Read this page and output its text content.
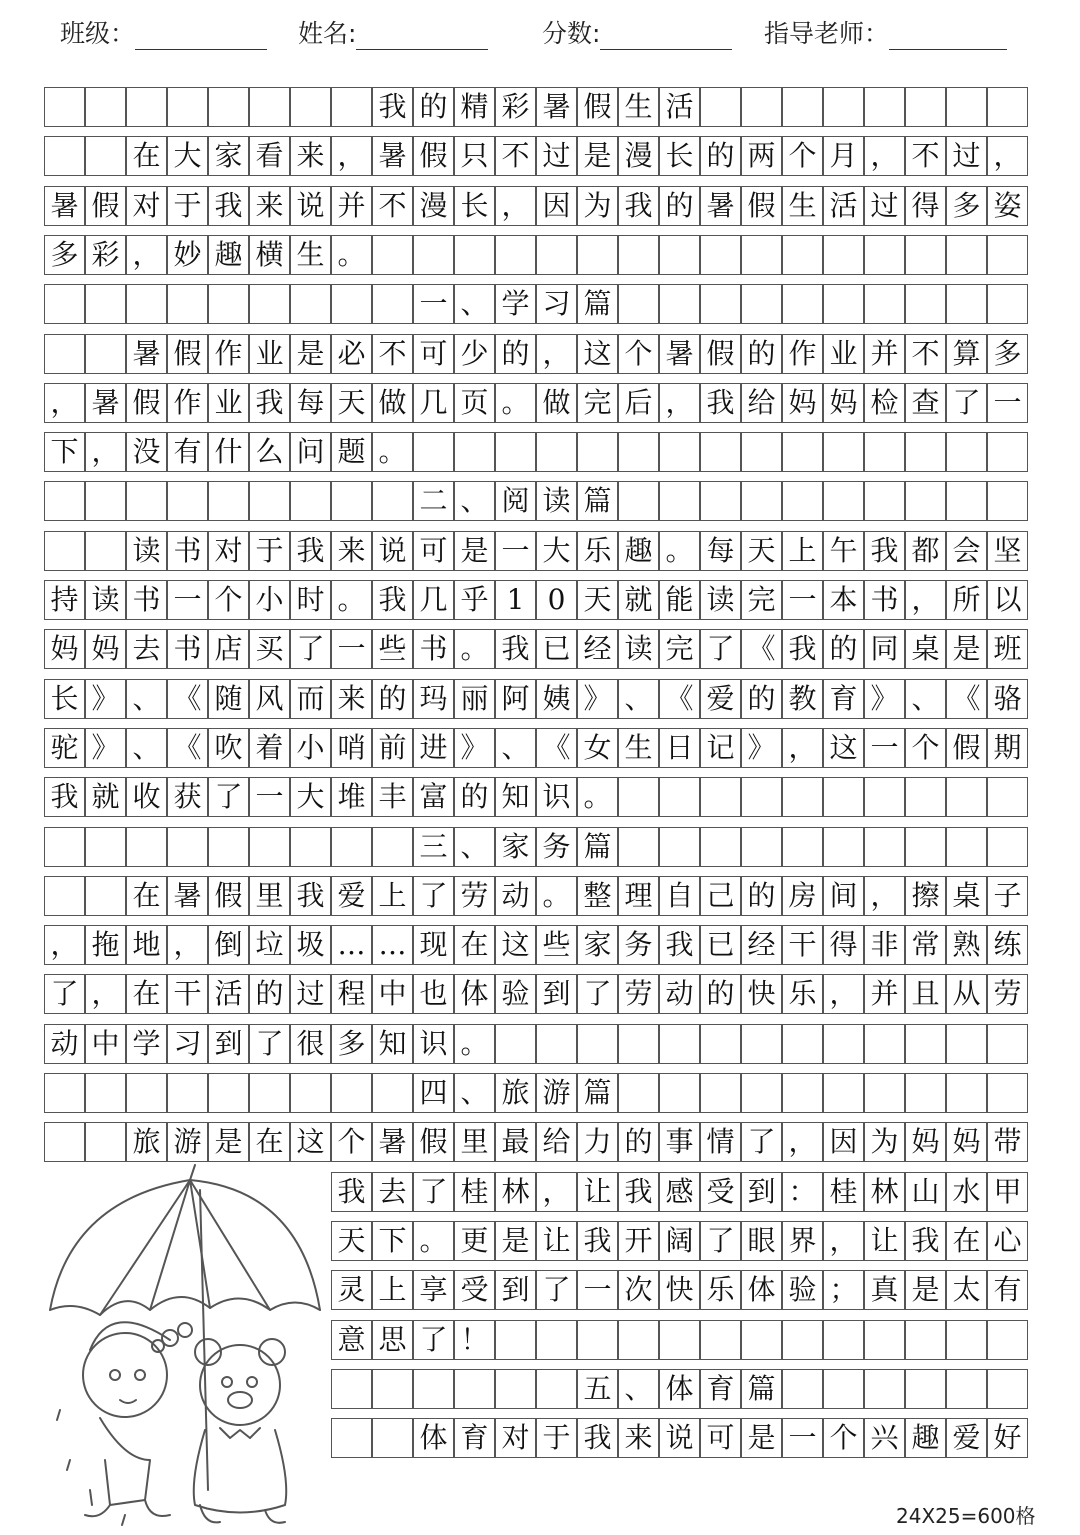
班级：	姓名:	分数:	指导老师：
我 的 精 彩 暑 假 生 活
在 大 家 看 来 ， 暑 假 只 不 过 是 漫 长 的 两 个 月 ， 不 过 ，
暑 假 对 于 我 来 说 并 不 漫 长 ， 因 为 我 的 暑 假 生 活 过 得 多 姿
多 彩 ， 妙 趣 横 生 。
一 、 学 习 篇
暑 假 作 业 是 必 不 可 少 的 ， 这 个 暑 假 的 作 业 并 不 算 多
， 暑 假 作 业 我 每 天 做 几 页 。 做 完 后 ， 我 给 妈 妈 检 查 了 一
下 ， 没 有 什 么 问 题 。
二 、 阅 读 篇
读 书 对 于 我 来 说 可 是 一 大 乐 趣 。 每 天 上 午 我 都 会 坚
持 读 书 一 个 小 时 。 我 几 乎 1 0 天 就 能 读 完 一 本 书 ， 所 以
妈 妈 去 书 店 买 了 一 些 书 。 我 已 经 读 完 了 《 我 的 同 桌 是 班
长 》 、 《 随 风 而 来 的 玛 丽 阿 姨 》 、 《 爱 的 教 育 》 、 《 骆
驼 》 、 《 吹 着 小 哨 前 进 》 、 《 女 生 日 记 》 ， 这 一 个 假 期
我 就 收 获 了 一 大 堆 丰 富 的 知 识 。
三 、 家 务 篇
在 暑 假 里 我 爱 上 了 劳 动 。 整 理 自 己 的 房 间 ， 擦 桌 子
， 拖 地 ， 倒 垃 圾 … … 现 在 这 些 家 务 我 已 经 干 得 非 常 熟 练
了 ， 在 干 活 的 过 程 中 也 体 验 到 了 劳 动 的 快 乐 ， 并 且 从 劳
动 中 学 习 到 了 很 多 知 识 。
四 、 旅 游 篇
旅 游 是 在 这 个 暑 假 里 最 给 力 的 事 情 了 ， 因 为 妈 妈 带
我 去 了 桂 林 ， 让 我 感 受 到 ： 桂 林 山 水 甲
天 下 。 更 是 让 我 开 阔 了 眼 界 ， 让 我 在 心
灵 上 享 受 到 了 一 次 快 乐 体 验 ； 真 是 太 有
意 思 了 ！
五 、 体 育 篇
体 育 对 于 我 来 说 可 是 一 个 兴 趣 爱 好
24X25=600格
